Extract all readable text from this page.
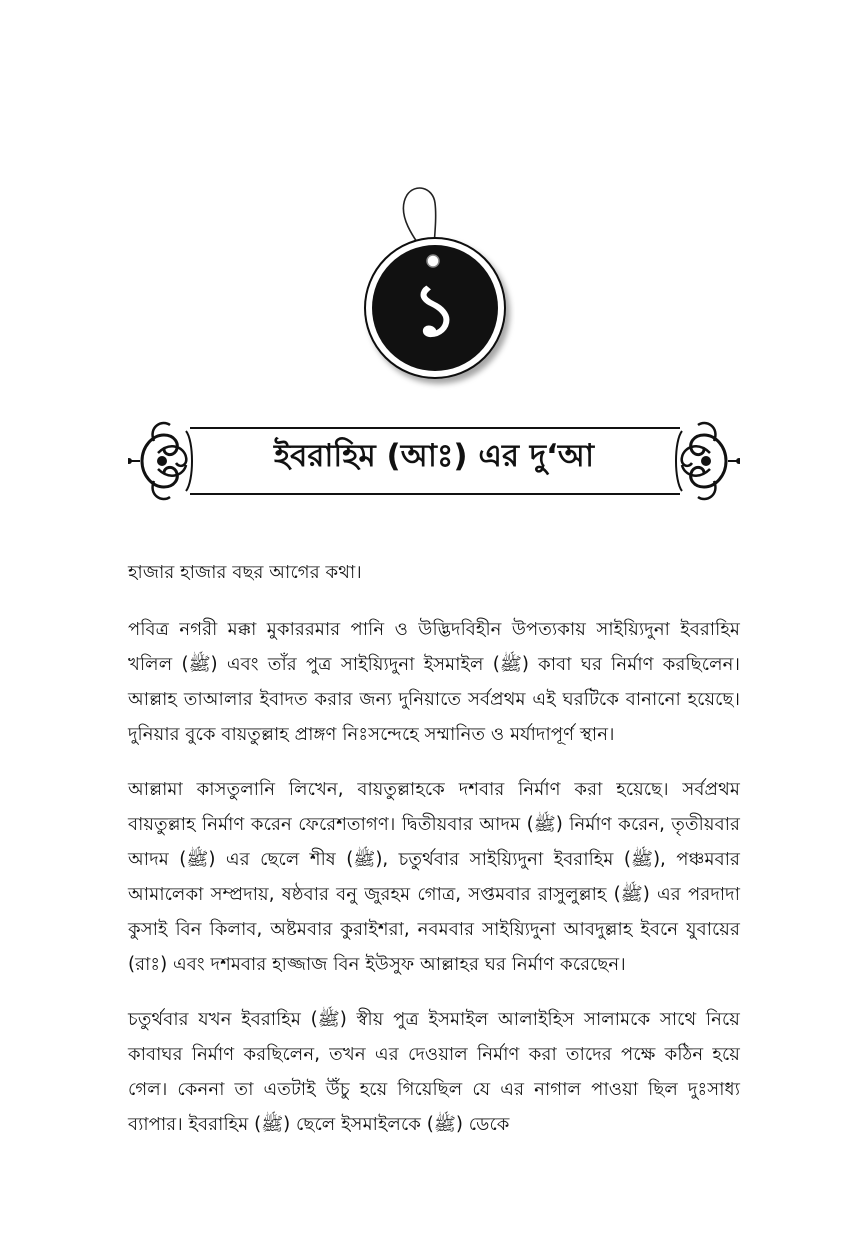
১
ইবরাহিম (আঃ) এর দু‘আ

হাজার হাজার বছর আগের কথা।

পবিত্র নগরী মক্কা মুকাররমার পানি ও উদ্ভিদবিহীন উপত্যকায় সাইয়্যিদুনা ইবরাহিম খলিল (ﷺ) এবং তাঁর পুত্র সাইয়্যিদুনা ইসমাইল (ﷺ) কাবা ঘর নির্মাণ করছিলেন। আল্লাহ তাআলার ইবাদত করার জন্য দুনিয়াতে সর্বপ্রথম এই ঘরটিকে বানানো হয়েছে। দুনিয়ার বুকে বায়তুল্লাহ প্রাঙ্গণ নিঃসন্দেহে সম্মানিত ও মর্যাদাপূর্ণ স্থান।

আল্লামা কাসতুলানি লিখেন, বায়তুল্লাহকে দশবার নির্মাণ করা হয়েছে। সর্বপ্রথম বায়তুল্লাহ নির্মাণ করেন ফেরেশতাগণ। দ্বিতীয়বার আদম (ﷺ) নির্মাণ করেন, তৃতীয়বার আদম (ﷺ) এর ছেলে শীষ (ﷺ), চতুর্থবার সাইয়্যিদুনা ইবরাহিম (ﷺ), পঞ্চমবার আমালেকা সম্প্রদায়, ষষ্ঠবার বনু জুরহম গোত্র, সপ্তমবার রাসুলুল্লাহ (ﷺ) এর পরদাদা কুসাই বিন কিলাব, অষ্টমবার কুরাইশরা, নবমবার সাইয়্যিদুনা আবদুল্লাহ ইবনে যুবায়ের (রাঃ) এবং দশমবার হাজ্জাজ বিন ইউসুফ আল্লাহর ঘর নির্মাণ করেছেন।

চতুর্থবার যখন ইবরাহিম (ﷺ) স্বীয় পুত্র ইসমাইল আলাইহিস সালামকে সাথে নিয়ে কাবাঘর নির্মাণ করছিলেন, তখন এর দেওয়াল নির্মাণ করা তাদের পক্ষে কঠিন হয়ে গেল। কেননা তা এতটাই উঁচু হয়ে গিয়েছিল যে এর নাগাল পাওয়া ছিল দুঃসাধ্য ব্যাপার। ইবরাহিম (ﷺ) ছেলে ইসমাইলকে (ﷺ) ডেকে
